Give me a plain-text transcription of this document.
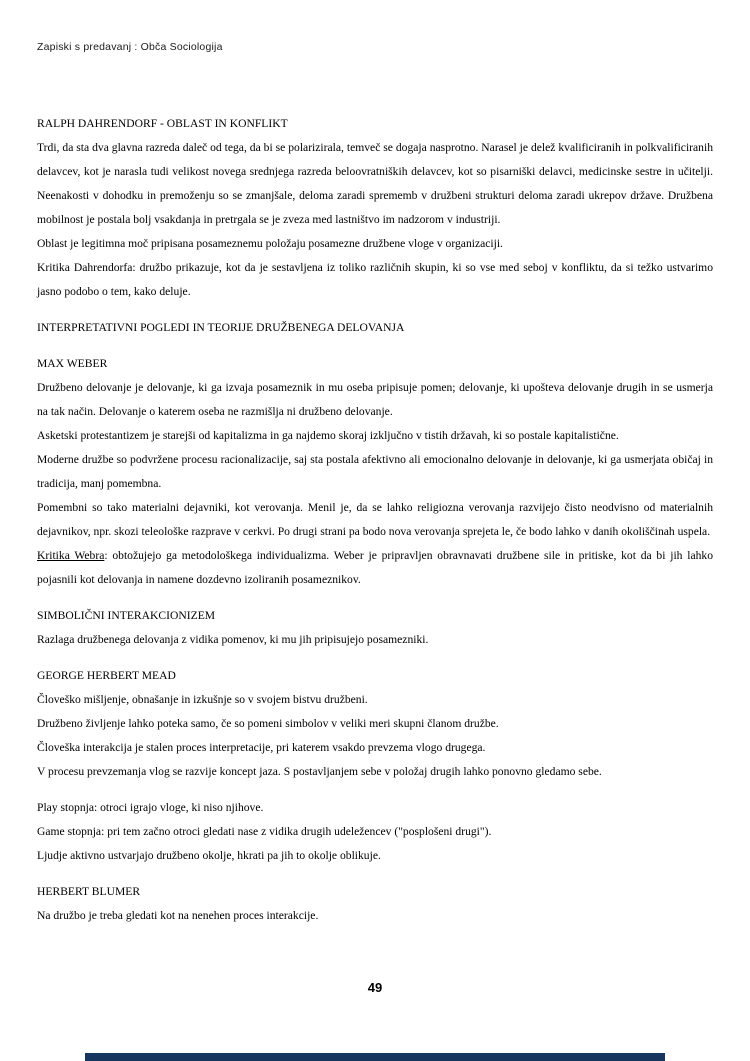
Zapiski s predavanj : Obča Sociologija
RALPH DAHRENDORF - OBLAST IN KONFLIKT
Trdi, da sta dva glavna razreda daleč od tega, da bi se polarizirala, temveč se dogaja nasprotno. Narasel je delež kvalificiranih in polkvalificiranih delavcev, kot je narasla tudi velikost novega srednjega razreda beloovratniških delavcev, kot so pisarniški delavci, medicinske sestre in učitelji. Neenakosti v dohodku in premoženju so se zmanjšale, deloma zaradi sprememb v družbeni strukturi deloma zaradi ukrepov države. Družbena mobilnost je postala bolj vsakdanja in pretrgala se je zveza med lastništvo im nadzorom v industriji.
Oblast je legitimna moč pripisana posameznemu položaju posamezne družbene vloge v organizaciji.
Kritika Dahrendorfa: družbo prikazuje, kot da je sestavljena iz toliko različnih skupin, ki so vse med seboj v konfliktu, da si težko ustvarimo jasno podobo o tem, kako deluje.
INTERPRETATIVNI POGLEDI IN TEORIJE DRUŽBENEGA DELOVANJA
MAX WEBER
Družbeno delovanje je delovanje, ki ga izvaja posameznik in mu oseba pripisuje pomen; delovanje, ki upošteva delovanje drugih in se usmerja na tak način. Delovanje o katerem oseba ne razmišlja ni družbeno delovanje.
Asketski protestantizem je starejši od kapitalizma in ga najdemo skoraj izključno v tistih državah, ki so postale kapitalistične.
Moderne družbe so podvržene procesu racionalizacije, saj sta postala afektivno ali emocionalno delovanje in delovanje, ki ga usmerjata običaj in tradicija, manj pomembna.
Pomembni so tako materialni dejavniki, kot verovanja. Menil je, da se lahko religiozna verovanja razvijejo čisto neodvisno od materialnih dejavnikov, npr. skozi teleološke razprave v cerkvi. Po drugi strani pa bodo nova verovanja sprejeta le, če bodo lahko v danih okoliščinah uspela.
Kritika Webra: obtožujejo ga metodološkega individualizma. Weber je pripravljen obravnavati družbene sile in pritiske, kot da bi jih lahko pojasnili kot delovanja in namene dozdevno izoliranih posameznikov.
SIMBOLIČNI INTERAKCIONIZEM
Razlaga družbenega delovanja z vidika pomenov, ki mu jih pripisujejo posamezniki.
GEORGE HERBERT MEAD
Človeško mišljenje, obnašanje in izkušnje so v svojem bistvu družbeni.
Družbeno življenje lahko poteka samo, če so pomeni simbolov v veliki meri skupni članom družbe.
Človeška interakcija je stalen proces interpretacije, pri katerem vsakdo prevzema vlogo drugega.
V procesu prevzemanja vlog se razvije koncept jaza. S postavljanjem sebe v položaj drugih lahko ponovno gledamo sebe.
Play stopnja: otroci igrajo vloge, ki niso njihove.
Game stopnja: pri tem začno otroci gledati nase z vidika drugih udeležencev ("posplošeni drugi").
Ljudje aktivno ustvarjajo družbeno okolje, hkrati pa jih to okolje oblikuje.
HERBERT BLUMER
Na družbo je treba gledati kot na nenehen proces interakcije.
49
